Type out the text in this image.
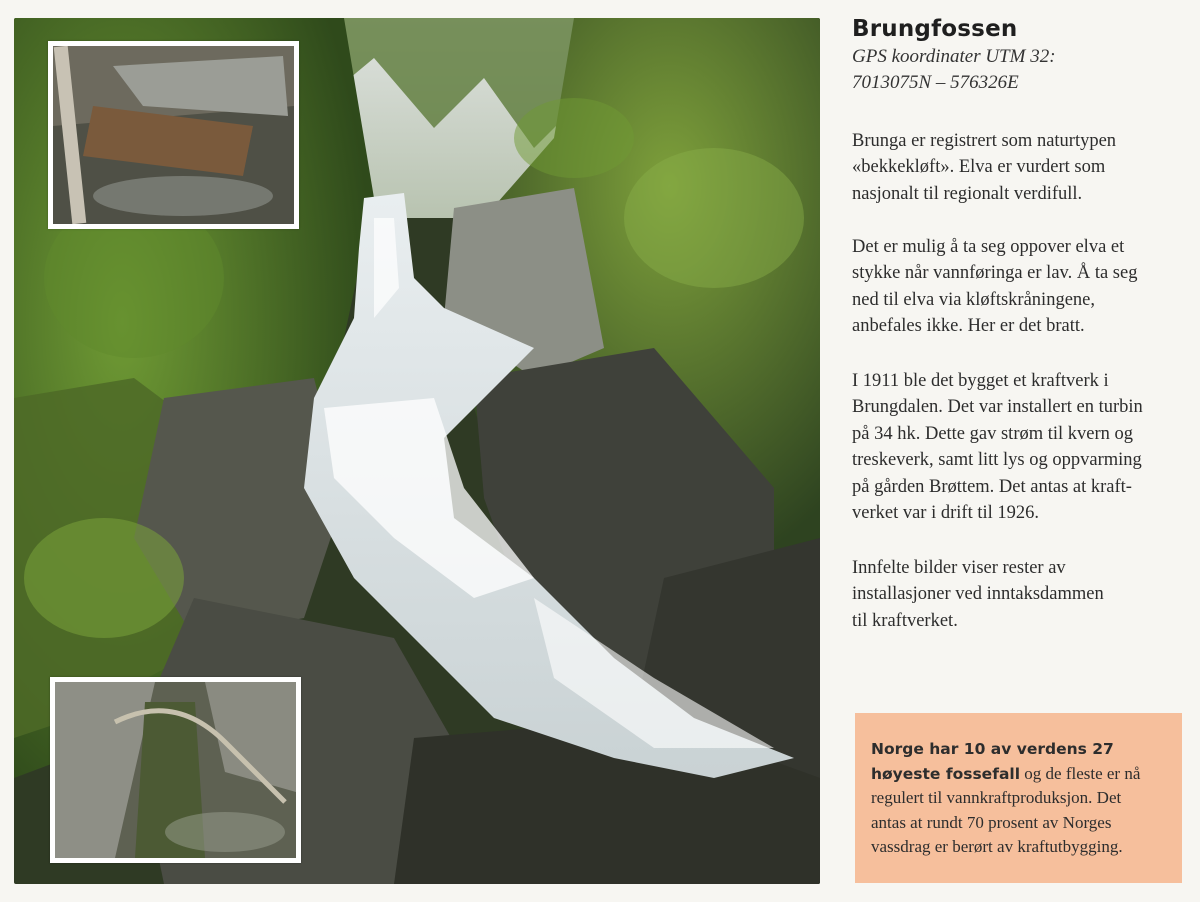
Brungfossen

GPS koordinater UTM 32:
7013075N – 576326E

Brunga er registrert som naturtypen
«bekkekløft». Elva er vurdert som
nasjonalt til regionalt verdifull.

Det er mulig å ta seg oppover elva et
stykke når vannføringa er lav. Å ta seg
ned til elva via kløftskråningene,
anbefales ikke. Her er det bratt.

I 1911 ble det bygget et kraftverk i
Brungdalen. Det var installert en turbin
på 34 hk. Dette gav strøm til kvern og
treskeverk, samt litt lys og oppvarming
på gården Brøttem. Det antas at kraft-
verket var i drift til 1926.

Innfelte bilder viser rester av
installasjoner ved inntaksdammen
til kraftverket.

Norge har 10 av verdens 27
høyeste fossefall og de fleste er nå
regulert til vannkraftproduksjon. Det
antas at rundt 70 prosent av Norges
vassdrag er berørt av kraftutbygging.
